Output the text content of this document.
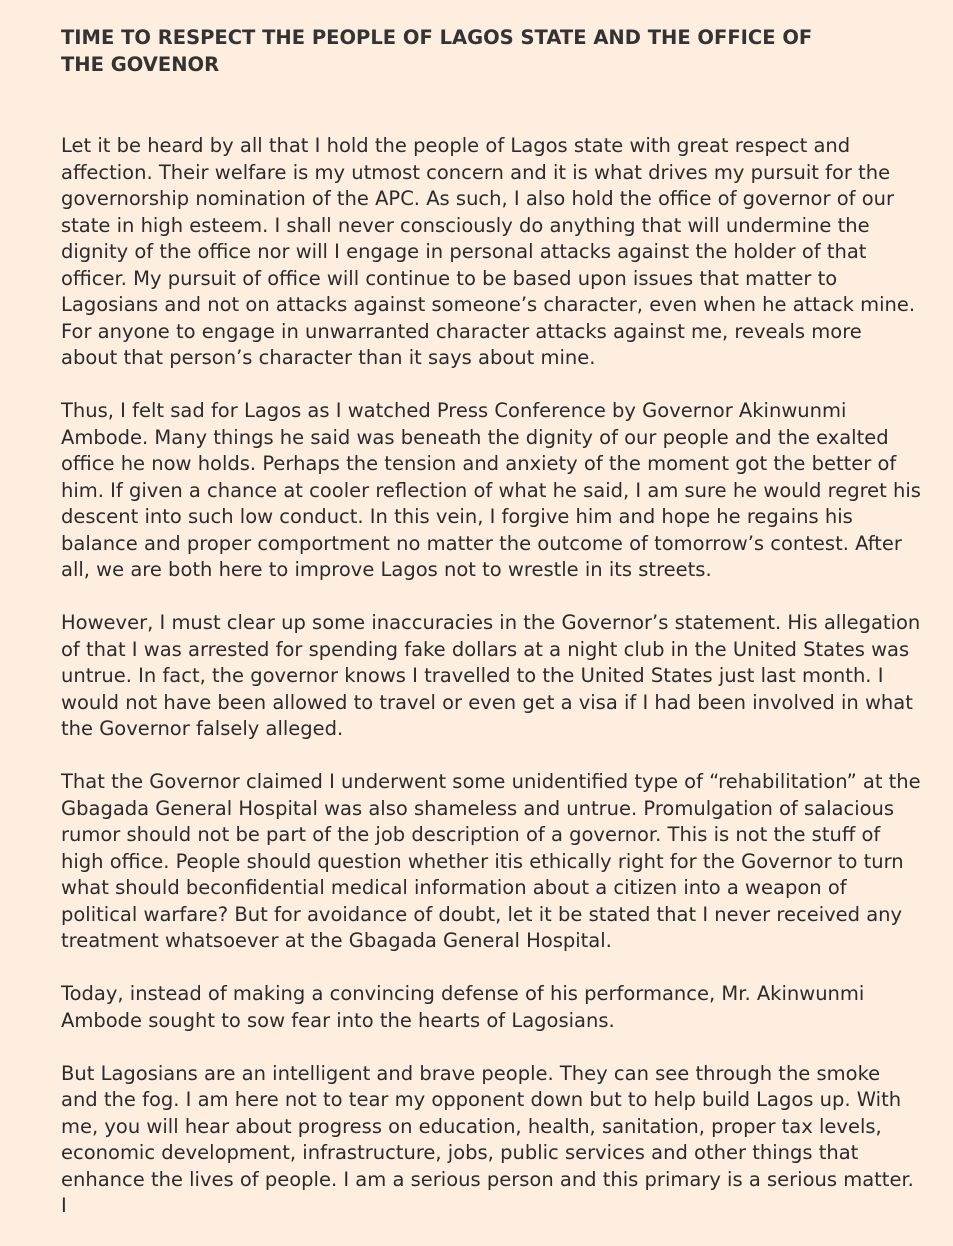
TIME TO RESPECT THE PEOPLE OF LAGOS STATE AND THE OFFICE OF THE GOVENOR

Let it be heard by all that I hold the people of Lagos state with great respect and affection. Their welfare is my utmost concern and it is what drives my pursuit for the governorship nomination of the APC. As such, I also hold the office of governor of our state in high esteem. I shall never consciously do anything that will undermine the dignity of the office nor will I engage in personal attacks against the holder of that officer. My pursuit of office will continue to be based upon issues that matter to Lagosians and not on attacks against someone’s character, even when he attack mine. For anyone to engage in unwarranted character attacks against me, reveals more about that person’s character than it says about mine.

Thus, I felt sad for Lagos as I watched Press Conference by Governor Akinwunmi Ambode. Many things he said was beneath the dignity of our people and the exalted office he now holds. Perhaps the tension and anxiety of the moment got the better of him. If given a chance at cooler reflection of what he said, I am sure he would regret his descent into such low conduct. In this vein, I forgive him and hope he regains his balance and proper comportment no matter the outcome of tomorrow’s contest. After all, we are both here to improve Lagos not to wrestle in its streets.

However, I must clear up some inaccuracies in the Governor’s statement. His allegation of that I was arrested for spending fake dollars at a night club in the United States was untrue. In fact, the governor knows I travelled to the United States just last month. I would not have been allowed to travel or even get a visa if I had been involved in what the Governor falsely alleged.

That the Governor claimed I underwent some unidentified type of “rehabilitation” at the Gbagada General Hospital was also shameless and untrue. Promulgation of salacious rumor should not be part of the job description of a governor. This is not the stuff of high office. People should question whether itis ethically right for the Governor to turn what should beconfidential medical information about a citizen into a weapon of political warfare? But for avoidance of doubt, let it be stated that I never received any treatment whatsoever at the Gbagada General Hospital.

Today, instead of making a convincing defense of his performance, Mr. Akinwunmi Ambode sought to sow fear into the hearts of Lagosians.

But Lagosians are an intelligent and brave people. They can see through the smoke and the fog. I am here not to tear my opponent down but to help build Lagos up. With me, you will hear about progress on education, health, sanitation, proper tax levels, economic development, infrastructure, jobs, public services and other things that enhance the lives of people. I am a serious person and this primary is a serious matter. I
